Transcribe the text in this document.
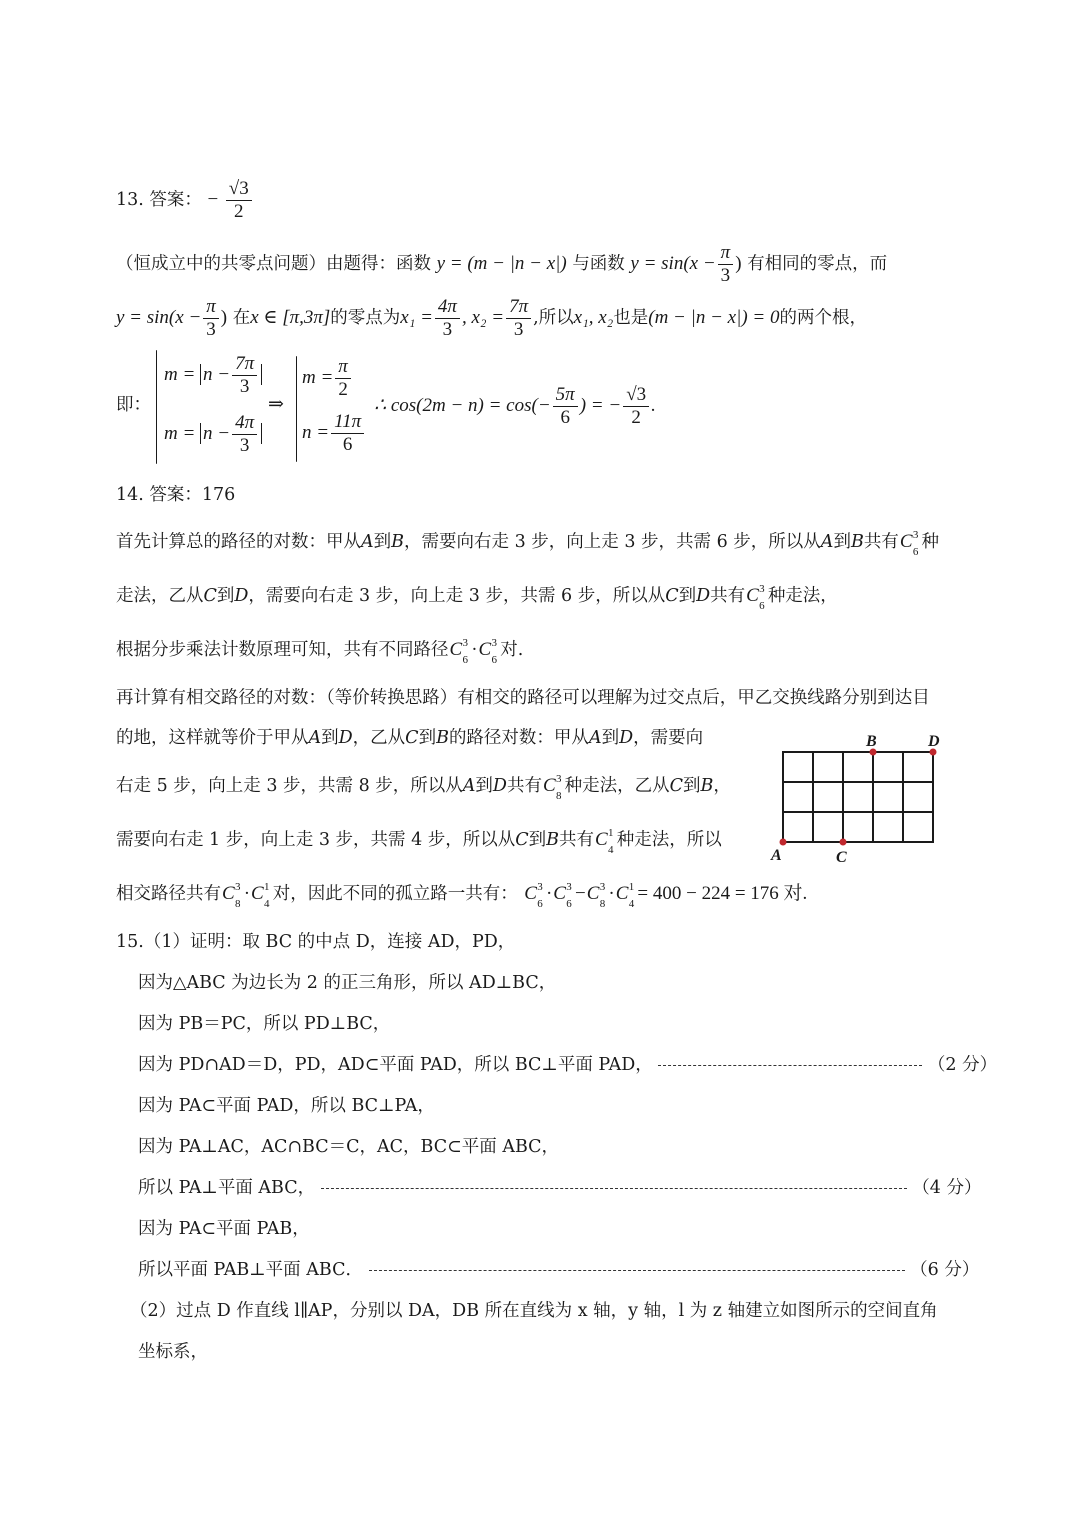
13. 答案： − $\frac{√3}{2}$
（恒成立中的共零点问题）由题得：函数 y = (m − |n − x|) 与函数 $y = \sin(x - \frac{\pi}{3}$ ) 有相同的零点，而
$y = \sin(x - \frac{\pi}{3}$ ) 在x ∈ [π,3π]的零点为$x_1 = \frac{4\pi}{3}$ , $x_2 = \frac{7\pi}{3}$ ,所以x₁, x₂也是(m − |n − x|) = 0的两个根，
即：
$m = n - \frac{7\pi}{3}$
$m = n - \frac{4\pi}{3}$
⇒
$m = \frac{\pi}{2}$
$n = \frac{11\pi}{6}$
∴ $\cos(2m - n) = \cos(- \frac{5\pi}{6}$ ) = − $\frac{√3}{2}$ .
14. 答案：176
首先计算总的路径的对数：甲从A到B，需要向右走 3 步，向上走 3 步，共需 6 步，所以从A到B共有C 3
6 种
走法，乙从C到D，需要向右走 3 步，向上走 3 步，共需 6 步，所以从C到D共有C 3
6 种走法，
根据分步乘法计数原理可知，共有不同路径C 3
6 ·C 3
6 对.
再计算有相交路径的对数：（等价转换思路）有相交的路径可以理解为过交点后，甲乙交换线路分别到达目
的地，这样就等价于甲从A到D，乙从C到B的路径对数：甲从A到D，需要向
右走 5 步，向上走 3 步，共需 8 步，所以从A到D共有C 3
8 种走法，乙从C到B，
需要向右走 1 步，向上走 3 步，共需 4 步，所以从C到B共有C 1
4 种走法，所以
相交路径共有C 3
8 ·C 1
4 对，因此不同的孤立路一共有： C 3
6 ·C 3
6 −C 3
8 ·C 1
4 = 400 − 224 = 176 对.
B	D
A	C
15.（1）证明：取 BC 的中点 D，连接 AD，PD，
因为△ABC 为边长为 2 的正三角形，所以 AD⊥BC，
因为 PB＝PC，所以 PD⊥BC，
因为 PD∩AD＝D，PD，AD⊂平面 PAD，所以 BC⊥平面 PAD，	（2 分）
因为 PA⊂平面 PAD，所以 BC⊥PA，
因为 PA⊥AC，AC∩BC＝C，AC，BC⊂平面 ABC，
所以 PA⊥平面 ABC，	（4 分）
因为 PA⊂平面 PAB，
所以平面 PAB⊥平面 ABC．	（6 分）
（2）过点 D 作直线 l∥AP，分别以 DA，DB 所在直线为 x 轴，y 轴，l 为 z 轴建立如图所示的空间直角
坐标系，
